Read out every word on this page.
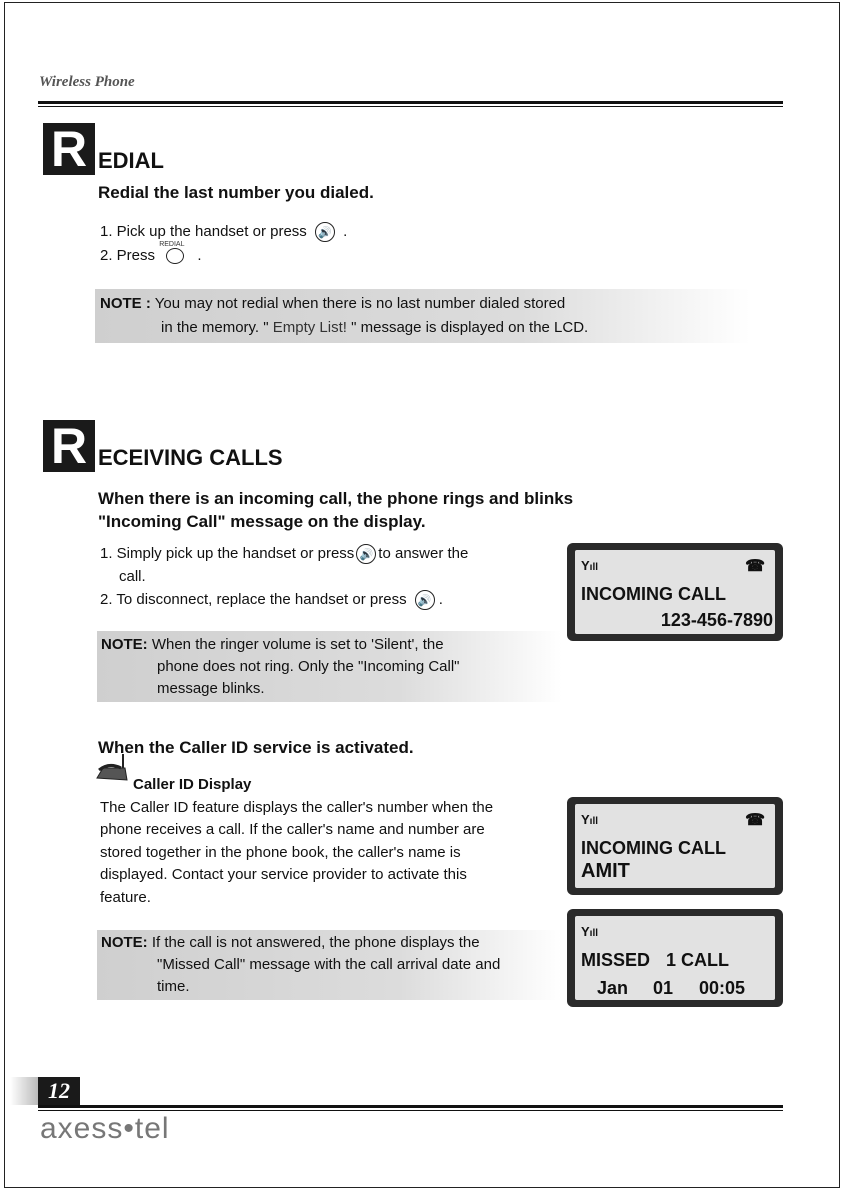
Wireless Phone
R EDIAL
Redial the last number you dialed.
1. Pick up the handset or press 🔊 .
2. Press
REDIAL
.
NOTE : You may not redial when there is no last number dialed stored
in the memory. " Empty List! " message is displayed on the LCD.
R ECEIVING CALLS
When there is an incoming call, the phone rings and blinks
"Incoming Call" message on the display.
1. Simply pick up the handset or press 🔊 to answer the
call.
2. To disconnect, replace the handset or press 🔊 .
NOTE: When the ringer volume is set to 'Silent', the
phone does not ring. Only the "Incoming Call"
message blinks.
Yıll	☎
INCOMING CALL
123-456-7890
When the Caller ID service is activated.
Caller ID Display
The Caller ID feature displays the caller's number when the
phone receives a call. If the caller's name and number are
stored together in the phone book, the caller's name is
displayed. Contact your service provider to activate this
feature.
NOTE: If the call is not answered, the phone displays the
"Missed Call" message with the call arrival date and
time.
Yıll	☎
INCOMING CALL
AMIT
Yıll
MISSED 1 CALL
Jan 01 00:05
12
axess•tel
